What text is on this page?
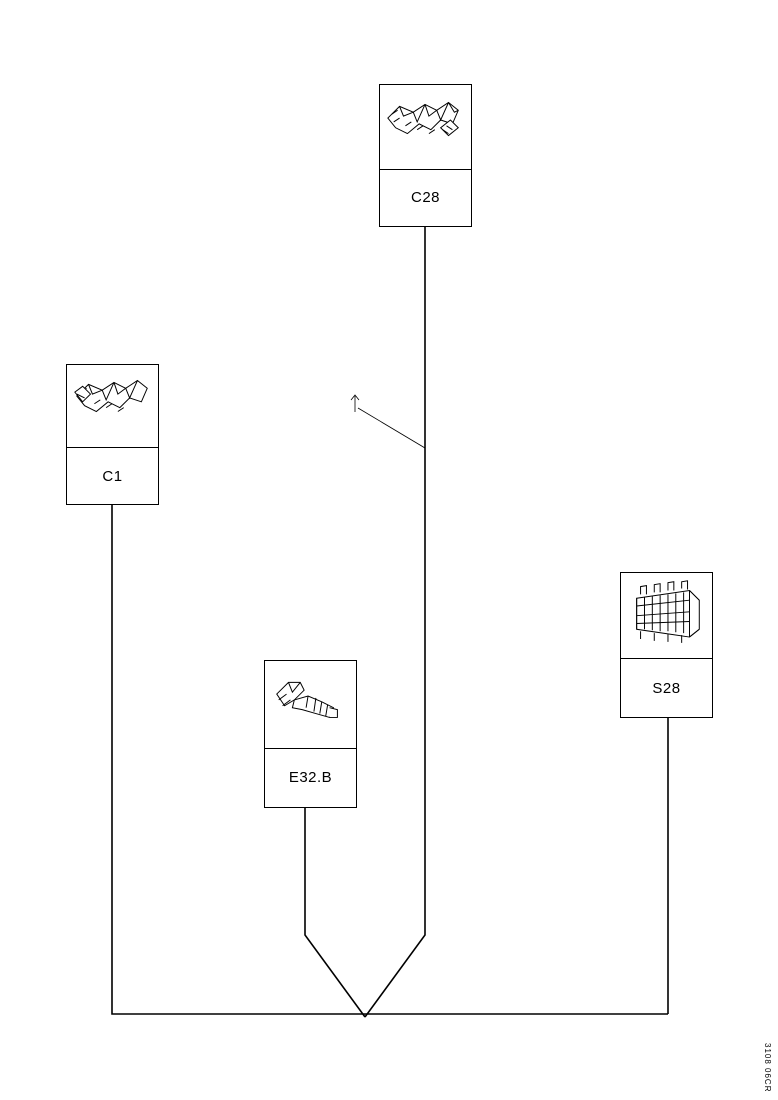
C28
C1
S28
E32.B
3108 06CR
